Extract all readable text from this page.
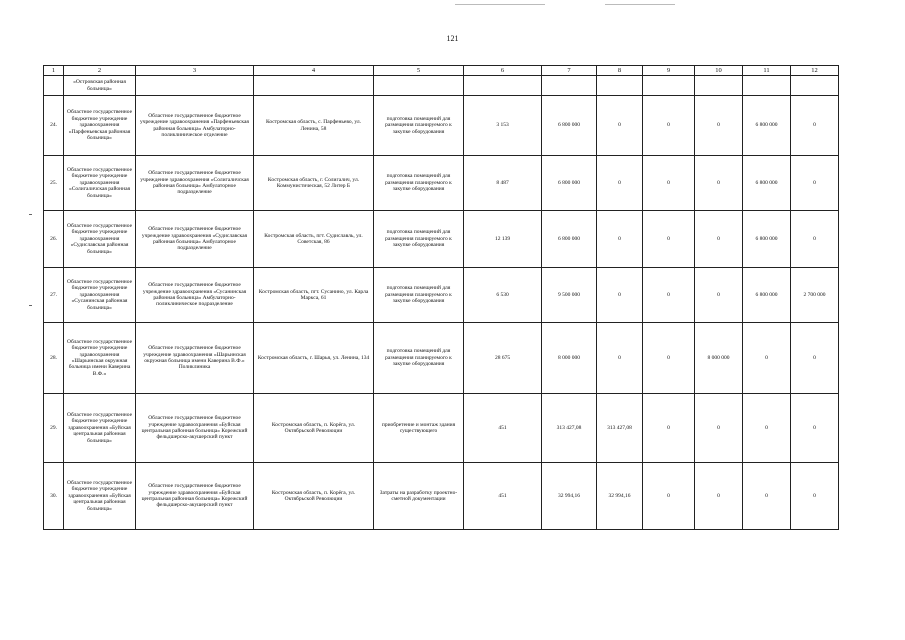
121
1	2	3	4	5	6	7	8	9	10	11	12
	«Островская районная больница»										
24.	Областное государственное бюджетное учреждение здравоохранения «Парфеньевская районная больница»	Областное государственное бюджетное учреждение здравоохранения «Парфеньевская районная больница» Амбулаторно-поликлиническое отделение	Костромская область, с. Парфеньево, ул. Ленина, 58	подготовка помещений для размещения планируемого к закупке оборудования	3 153	6 800 000	0	0	0	6 800 000	0
25.	Областное государственное бюджетное учреждение здравоохранения «Солигаличская районная больница»	Областное государственное бюджетное учреждение здравоохранения «Солигаличская районная больница» Амбулаторное подразделение	Костромская область, г. Солигалич, ул. Коммунистическая, 52 Литер Б	подготовка помещений для размещения планируемого к закупке оборудования	8 487	6 800 000	0	0	0	6 800 000	0
26.	Областное государственное бюджетное учреждение здравоохранения «Судиславская районная больница»	Областное государственное бюджетное учреждение здравоохранения «Судиславская районная больница» Амбулаторное подразделение	Костромская область, пгт. Судиславль, ул. Советская, 86	подготовка помещений для размещения планируемого к закупке оборудования	12 139	6 800 000	0	0	0	6 800 000	0
27.	Областное государственное бюджетное учреждение здравоохранения «Сусанинская районная больница»	Областное государственное бюджетное учреждение здравоохранения «Сусанинская районная больница» Амбулаторно-поликлиническое подразделение	Костромская область, пгт. Сусанино, ул. Карла Маркса, 61	подготовка помещений для размещения планируемого к закупке оборудования	6 530	9 500 000	0	0	0	6 800 000	2 700 000
28.	Областное государственное бюджетное учреждение здравоохранения «Шарьинская окружная больница имени Каверина В.Ф.»	Областное государственное бюджетное учреждение здравоохранения «Шарьинская окружная больница имени Каверина В.Ф.» Поликлиника	Костромская область, г. Шарья, ул. Ленина, 134	подготовка помещений для размещения планируемого к закупке оборудования	28 675	8 000 000	0	0	8 000 000	0	0
29.	Областное государственное бюджетное учреждение здравоохранения «Буйская центральная районная больница»	Областное государственное бюджетное учреждение здравоохранения «Буйская центральная районная больница» Корежский фельдшерско-акушерский пункт	Костромская область, п. Корёга, ул. Октябрьской Революции	приобретение и монтаж здания существующего	451	313 427,08	313 427,08	0	0	0	0
30.	Областное государственное бюджетное учреждение здравоохранения «Буйская центральная районная больница»	Областное государственное бюджетное учреждение здравоохранения «Буйская центральная районная больница» Корежский фельдшерско-акушерский пункт	Костромская область, п. Корёга, ул. Октябрьской Революции	Затраты на разработку проектно-сметной документации	451	32 994,16	32 994,16	0	0	0	0
